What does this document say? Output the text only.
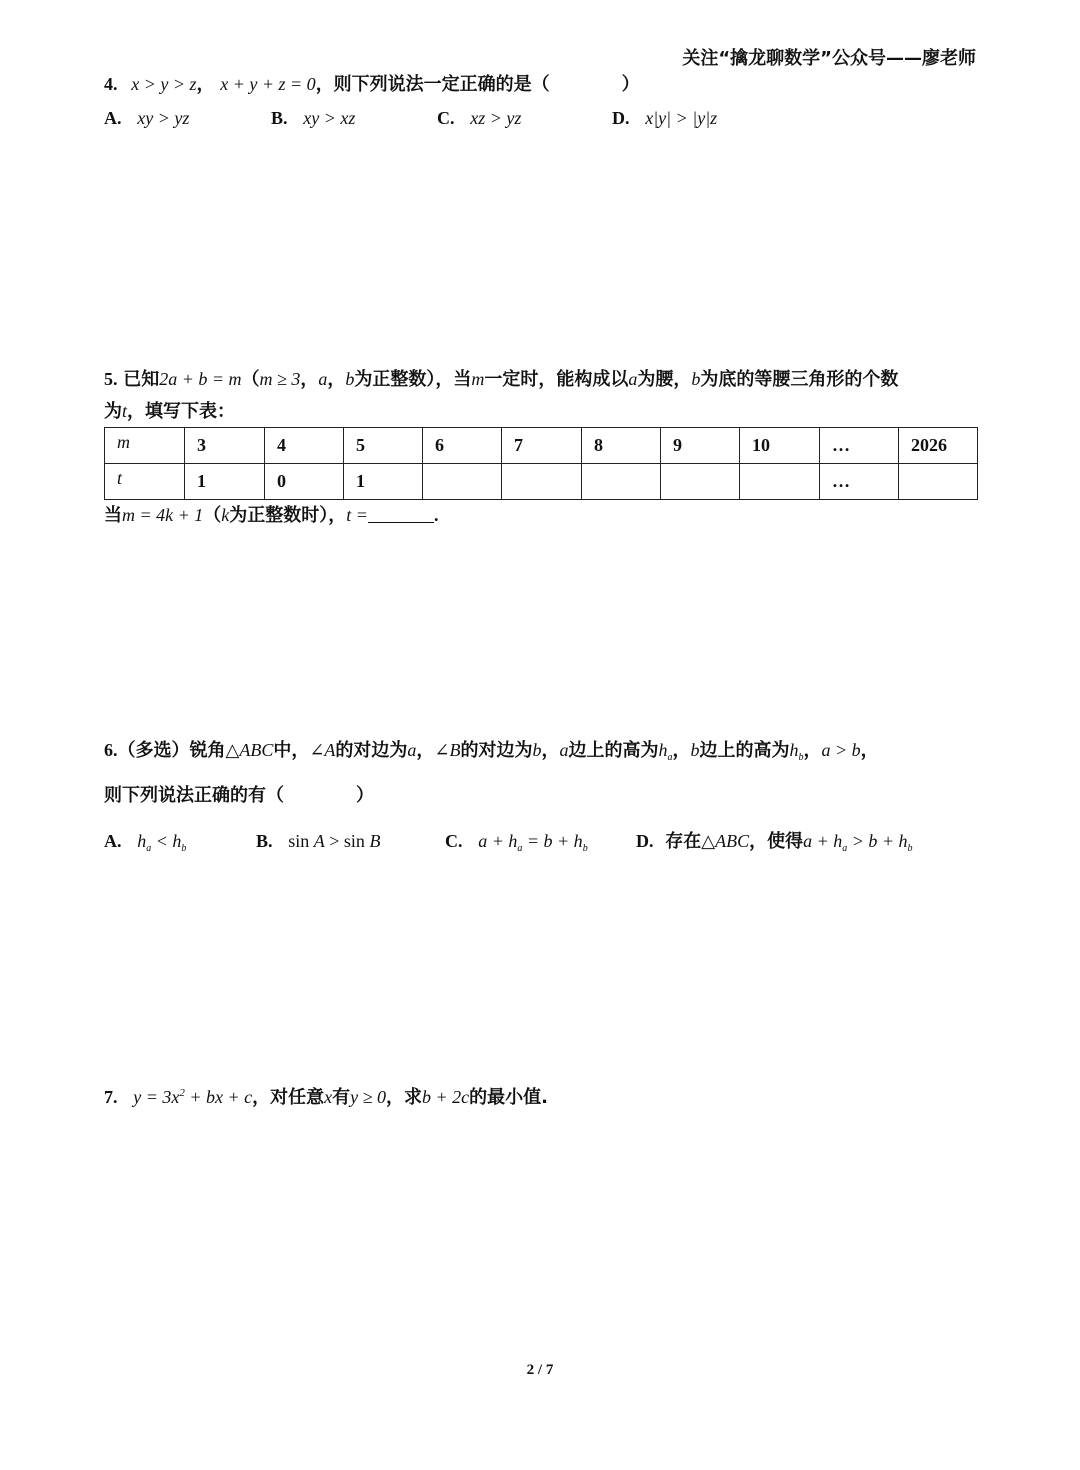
关注“擒龙聊数学”公众号——廖老师
4. x > y > z， x + y + z = 0，则下列说法一定正确的是（　　　　）
A. xy > yz	B. xy > xz	C. xz > yz	D. x|y| > |y|z
5. 已知2a + b = m（m ≥ 3，a，b为正整数），当m一定时，能构成以a为腰，b为底的等腰三角形的个数
为t，填写下表：
m	3	4	5	6	7	8	9	10	…	2026
t	1	0	1						…	
当m = 4k + 1（k为正整数时），t =	.
6.（多选）锐角△ABC中，∠A的对边为a，∠B的对边为b，a边上的高为$h_a$，b边上的高为$h_b$，a > b，
则下列说法正确的有（　　　　）
A. $h_a < h_b$	B. sin A > sin B	C. $a + h_a = b + h_b$	D. 存在△ABC，使得$a + h_a > b + h_b$
7. $y = 3x^2$ + bx + c，对任意x有y ≥ 0，求b + 2c的最小值.
2 / 7
